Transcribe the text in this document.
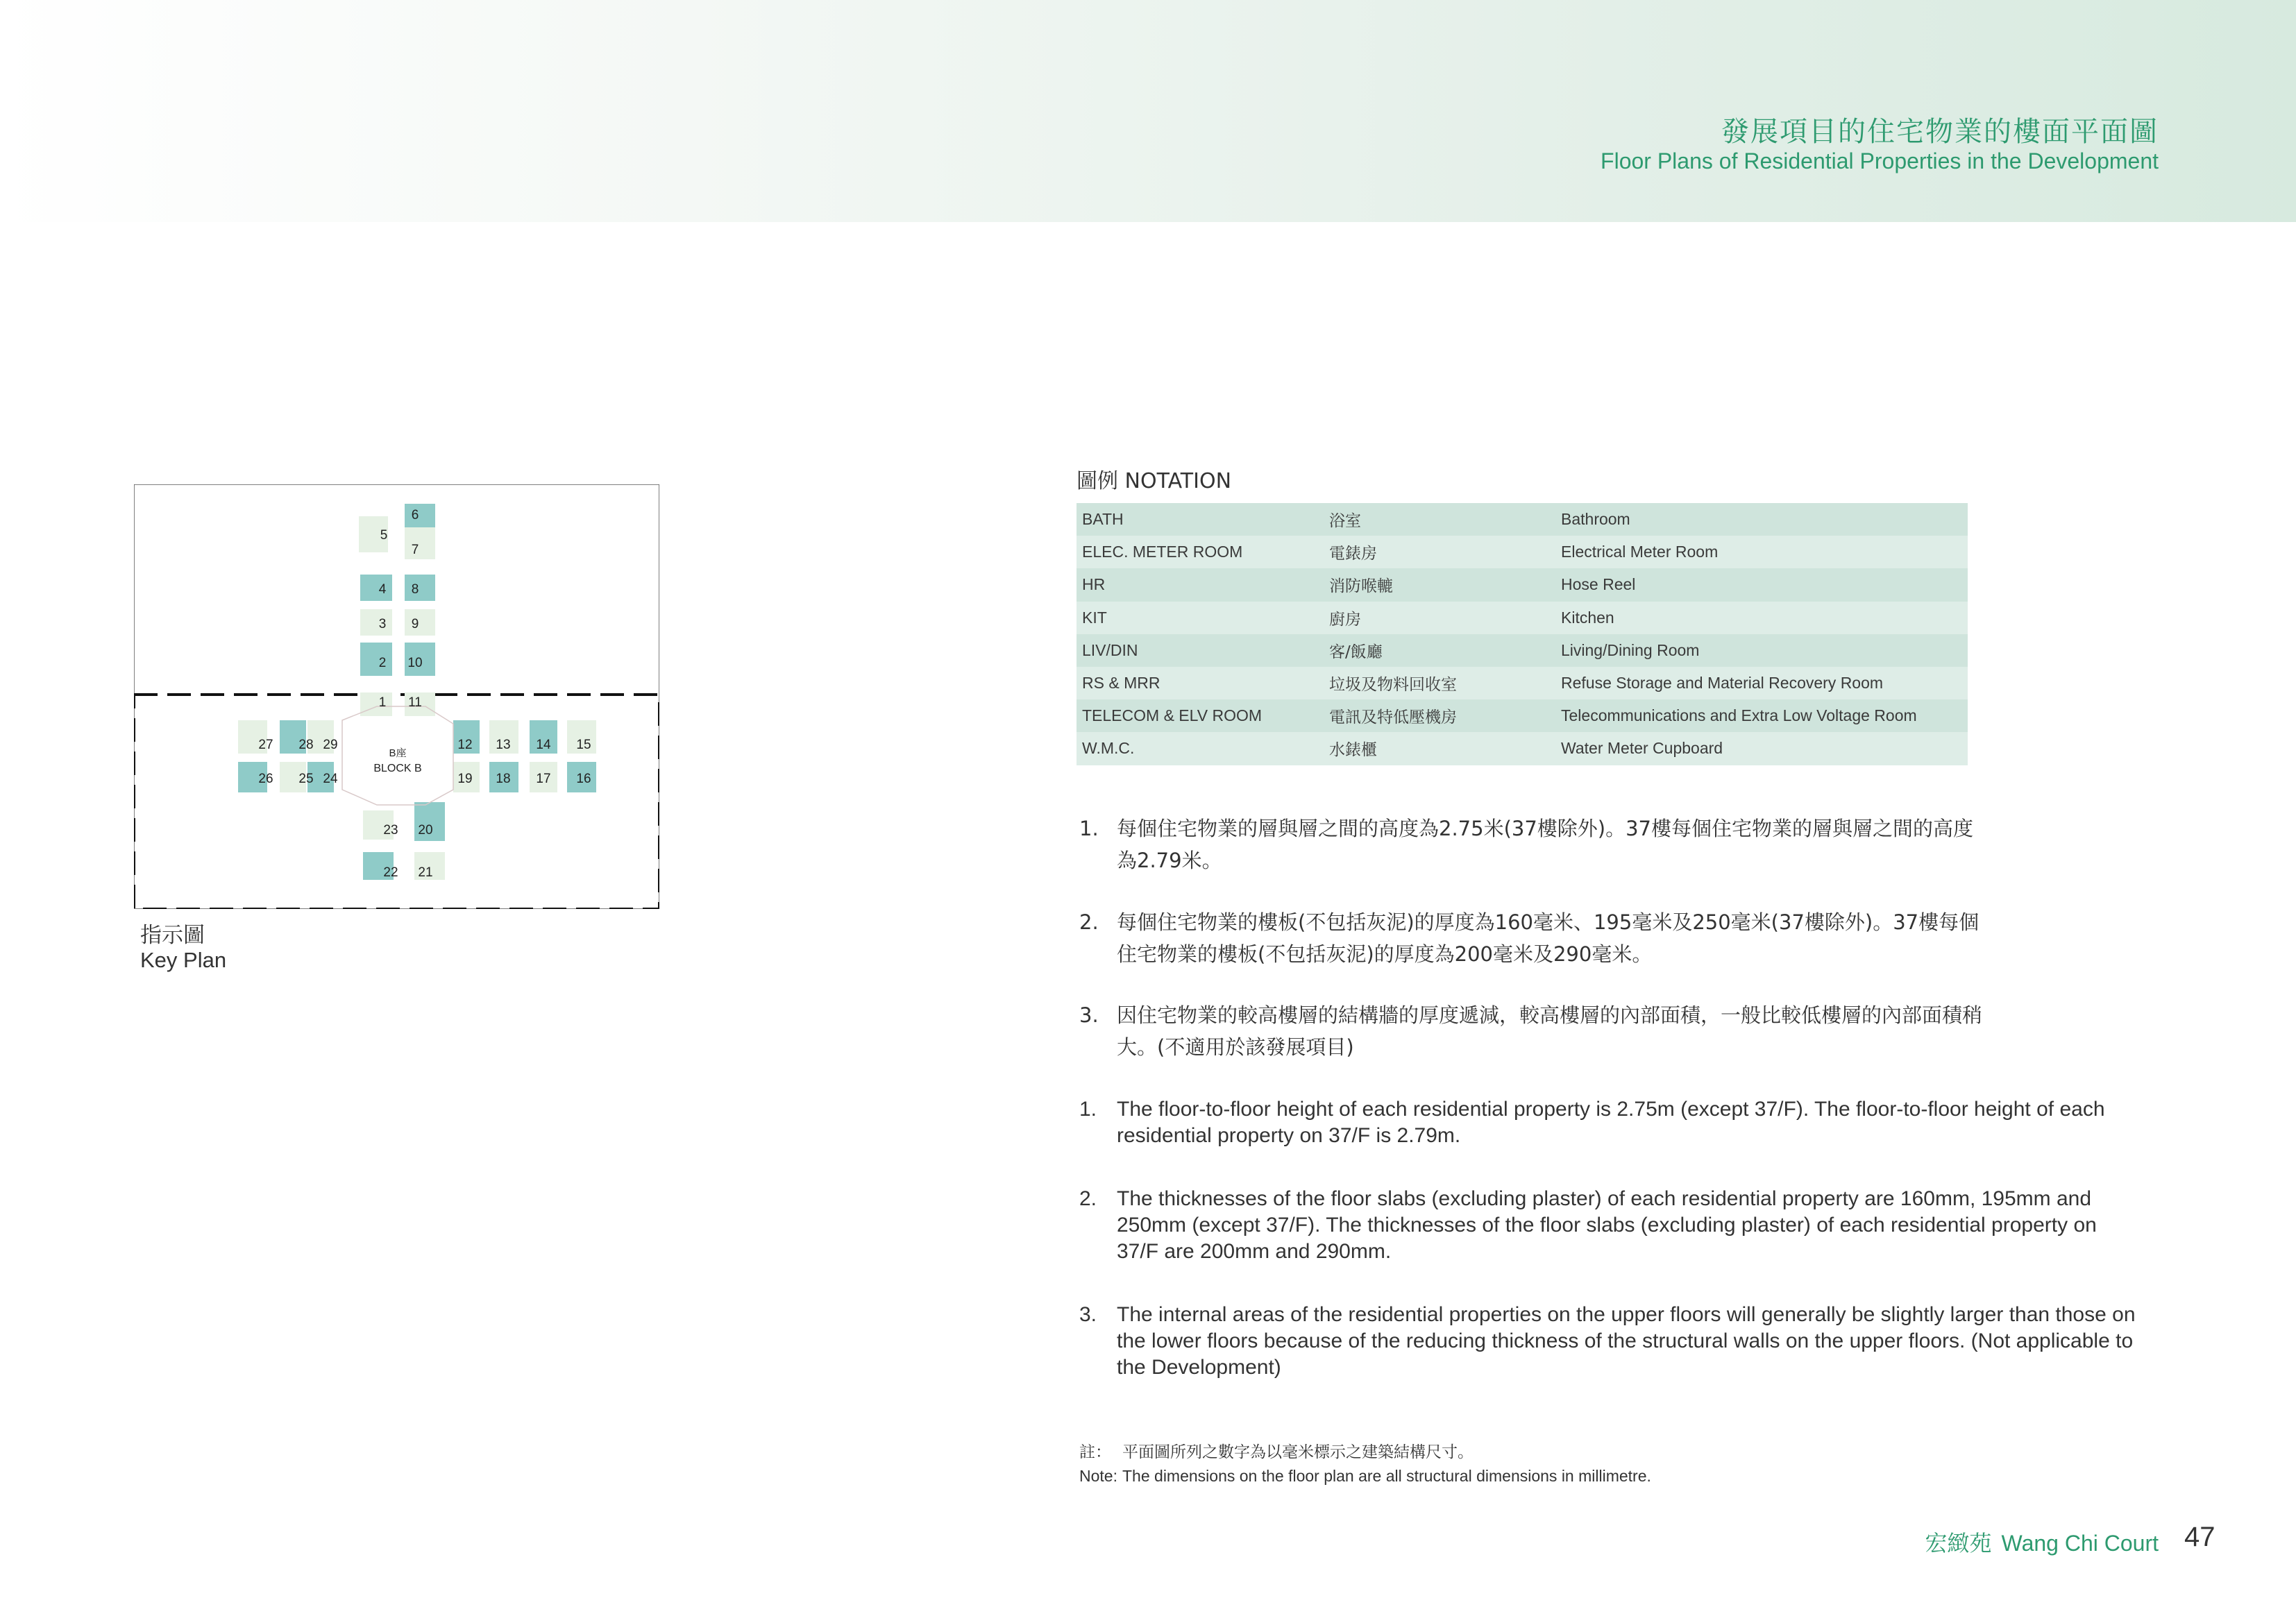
發展項目的住宅物業的樓面平面圖
Floor Plans of Residential Properties in the Development
5
6
7
4 8
3 9
2 10
1 11
27 28 29
26 25 24
12 13 14 15
19 18 17 16
23 20
22 21
B座
BLOCK B
指示圖
Key Plan
圖例 NOTATION
BATH	浴室	Bathroom
ELEC. METER ROOM	電錶房	Electrical Meter Room
HR	消防喉轆	Hose Reel
KIT	廚房	Kitchen
LIV/DIN	客/飯廳	Living/Dining Room
RS & MRR	垃圾及物料回收室	Refuse Storage and Material Recovery Room
TELECOM & ELV ROOM	電訊及特低壓機房	Telecommunications and Extra Low Voltage Room
W.M.C.	水錶櫃	Water Meter Cupboard
1. 每個住宅物業的層與層之間的高度為2.75米(37樓除外)。37樓每個住宅物業的層與層之間的高度為2.79米。
2. 每個住宅物業的樓板(不包括灰泥)的厚度為160毫米、195毫米及250毫米(37樓除外)。37樓每個住宅物業的樓板(不包括灰泥)的厚度為200毫米及290毫米。
3. 因住宅物業的較高樓層的結構牆的厚度遞減，較高樓層的內部面積，一般比較低樓層的內部面積稍大。(不適用於該發展項目)
1. The floor-to-floor height of each residential property is 2.75m (except 37/F). The floor-to-floor height of each residential property on 37/F is 2.79m.
2. The thicknesses of the floor slabs (excluding plaster) of each residential property are 160mm, 195mm and 250mm (except 37/F). The thicknesses of the floor slabs (excluding plaster) of each residential property on 37/F are 200mm and 290mm.
3. The internal areas of the residential properties on the upper floors will generally be slightly larger than those on the lower floors because of the reducing thickness of the structural walls on the upper floors. (Not applicable to the Development)
註： 平面圖所列之數字為以毫米標示之建築結構尺寸。
Note: The dimensions on the floor plan are all structural dimensions in millimetre.
宏緻苑 Wang Chi Court 47
